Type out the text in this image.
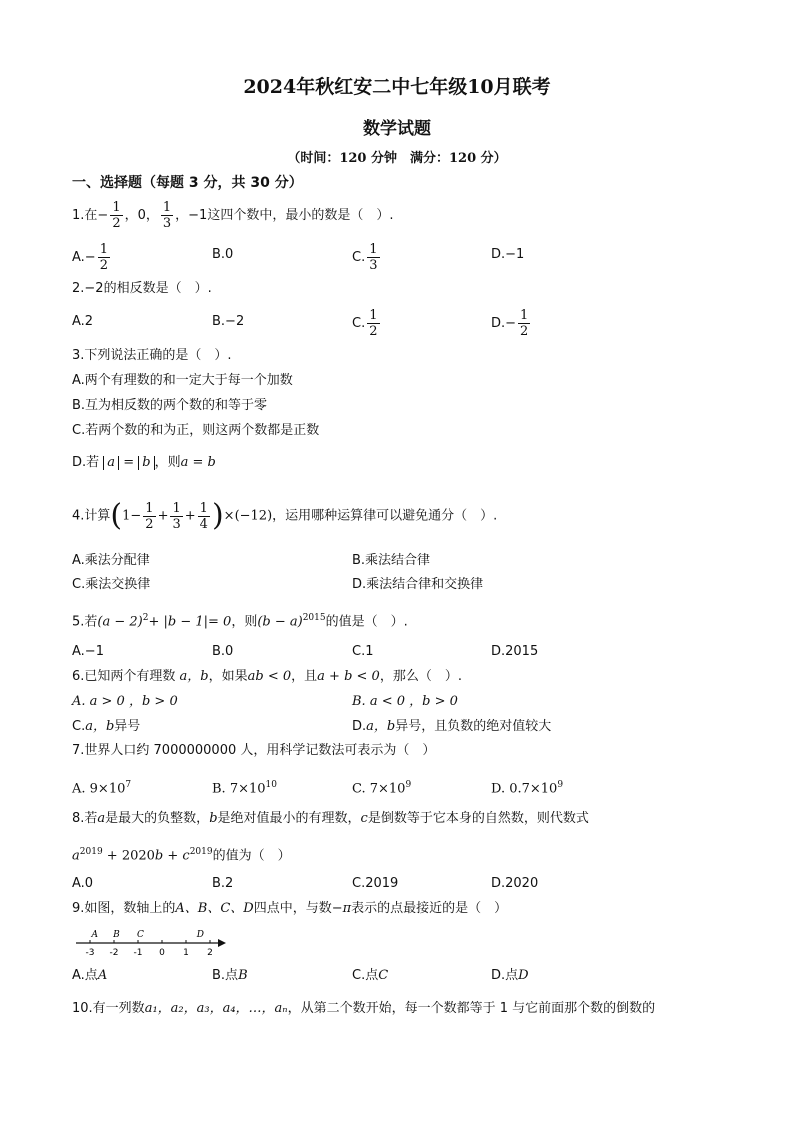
2024年秋红安二中七年级10月联考
数学试题
（时间：120 分钟　满分：120 分）
一、选择题（每题 3 分，共 30 分）
1.在− $\frac{1}{2}$ ，0， $\frac{1}{3}$ ，−1这四个数中，最小的数是（　）.
$A.- \frac{1}{2}$	B.0	C. $\frac{1}{3}$	D.−1
2.−2的相反数是（　）.
A.2	B.−2	C. $\frac{1}{2}$	$D.- \frac{1}{2}$
3.下列说法正确的是（　）.
A.两个有理数的和一定大于每一个加数
B.互为相反数的两个数的和等于零
C.若两个数的和为正，则这两个数都是正数
D.若 a = b ，则a = b
4.计算$(1- \frac{1}{2} + \frac{1}{3} + \frac{1}{4} )\times(-12)$，运用哪种运算律可以避免通分（　）.
A.乘法分配律	B.乘法结合律
C.乘法交换律	D.乘法结合律和交换律
5.若$(a - 2)^2+ |b - 1|= 0$，则$(b - a)^{2015}$的值是（　）.
A.−1	B.0	C.1	D.2015
6.已知两个有理数 a，b，如果ab < 0，且a + b < 0，那么（　）.
A. a > 0 ，b > 0	B. a < 0 ，b > 0
C.a，b异号	D.a，b异号，且负数的绝对值较大
7.世界人口约 7000000000 人，用科学记数法可表示为（　）
A. $9\times 10^7$	B. $7\times 10^{10}$	C. $7\times 10^9$	D. $0.7\times 10^9$
8.若a是最大的负整数，b是绝对值最小的有理数，c是倒数等于它本身的自然数，则代数式
$a^{2019} + 2020b + c^{2019}$的值为（　）
A.0	B.2	C.2019	D.2020
9.如图，数轴上的A、B、C、D四点中，与数−π表示的点最接近的是（　）
-3 -2 -1 0 1 2
A B C	D
A.点A	B.点B	C.点C	D.点D
10.有一列数a₁，a₂，a₃，a₄，…，aₙ，从第二个数开始，每一个数都等于 1 与它前面那个数的倒数的
